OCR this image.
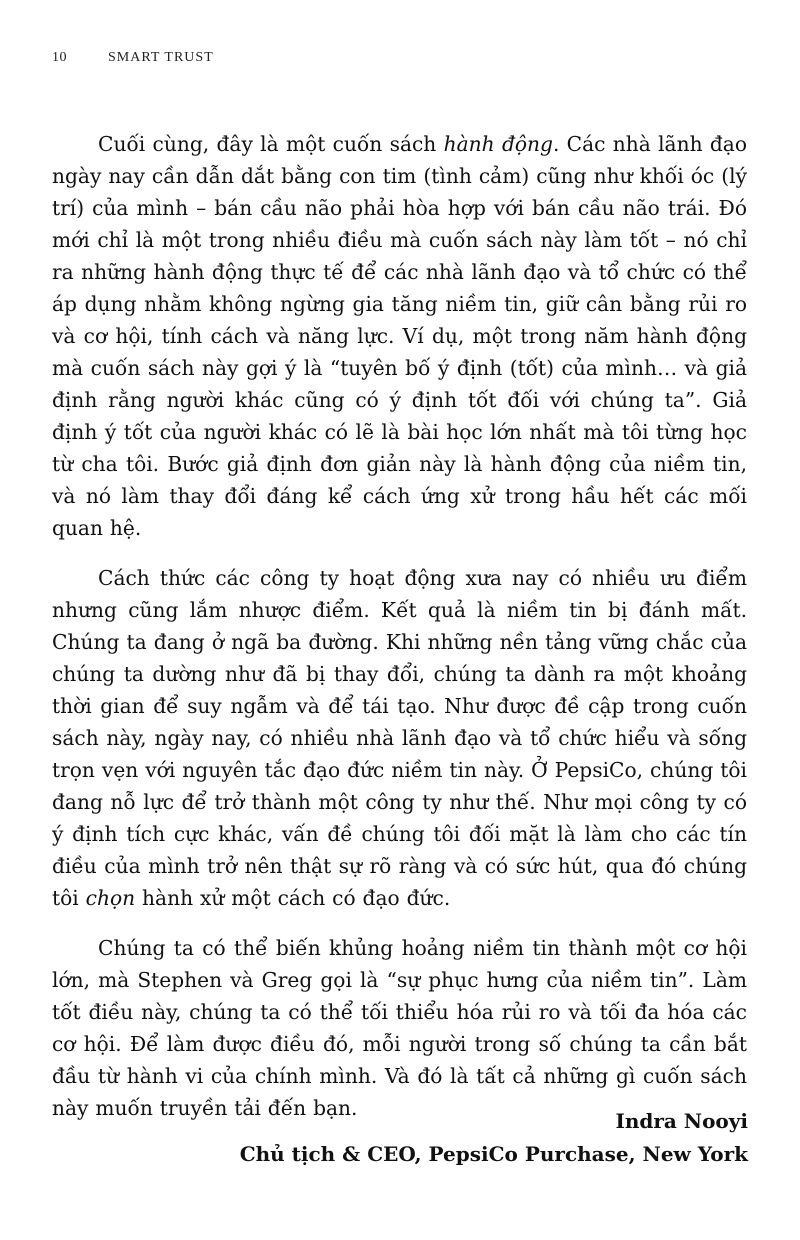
10	SMART TRUST

Cuối cùng, đây là một cuốn sách hành động. Các nhà lãnh đạo ngày nay cần dẫn dắt bằng con tim (tình cảm) cũng như khối óc (lý trí) của mình – bán cầu não phải hòa hợp với bán cầu não trái. Đó mới chỉ là một trong nhiều điều mà cuốn sách này làm tốt – nó chỉ ra những hành động thực tế để các nhà lãnh đạo và tổ chức có thể áp dụng nhằm không ngừng gia tăng niềm tin, giữ cân bằng rủi ro và cơ hội, tính cách và năng lực. Ví dụ, một trong năm hành động mà cuốn sách này gợi ý là “tuyên bố ý định (tốt) của mình… và giả định rằng người khác cũng có ý định tốt đối với chúng ta”. Giả định ý tốt của người khác có lẽ là bài học lớn nhất mà tôi từng học từ cha tôi. Bước giả định đơn giản này là hành động của niềm tin, và nó làm thay đổi đáng kể cách ứng xử trong hầu hết các mối quan hệ.

Cách thức các công ty hoạt động xưa nay có nhiều ưu điểm nhưng cũng lắm nhược điểm. Kết quả là niềm tin bị đánh mất. Chúng ta đang ở ngã ba đường. Khi những nền tảng vững chắc của chúng ta dường như đã bị thay đổi, chúng ta dành ra một khoảng thời gian để suy ngẫm và để tái tạo. Như được đề cập trong cuốn sách này, ngày nay, có nhiều nhà lãnh đạo và tổ chức hiểu và sống trọn vẹn với nguyên tắc đạo đức niềm tin này. Ở PepsiCo, chúng tôi đang nỗ lực để trở thành một công ty như thế. Như mọi công ty có ý định tích cực khác, vấn đề chúng tôi đối mặt là làm cho các tín điều của mình trở nên thật sự rõ ràng và có sức hút, qua đó chúng tôi chọn hành xử một cách có đạo đức.

Chúng ta có thể biến khủng hoảng niềm tin thành một cơ hội lớn, mà Stephen và Greg gọi là “sự phục hưng của niềm tin”. Làm tốt điều này, chúng ta có thể tối thiểu hóa rủi ro và tối đa hóa các cơ hội. Để làm được điều đó, mỗi người trong số chúng ta cần bắt đầu từ hành vi của chính mình. Và đó là tất cả những gì cuốn sách này muốn truyền tải đến bạn.

Indra Nooyi
Chủ tịch & CEO, PepsiCo Purchase, New York
